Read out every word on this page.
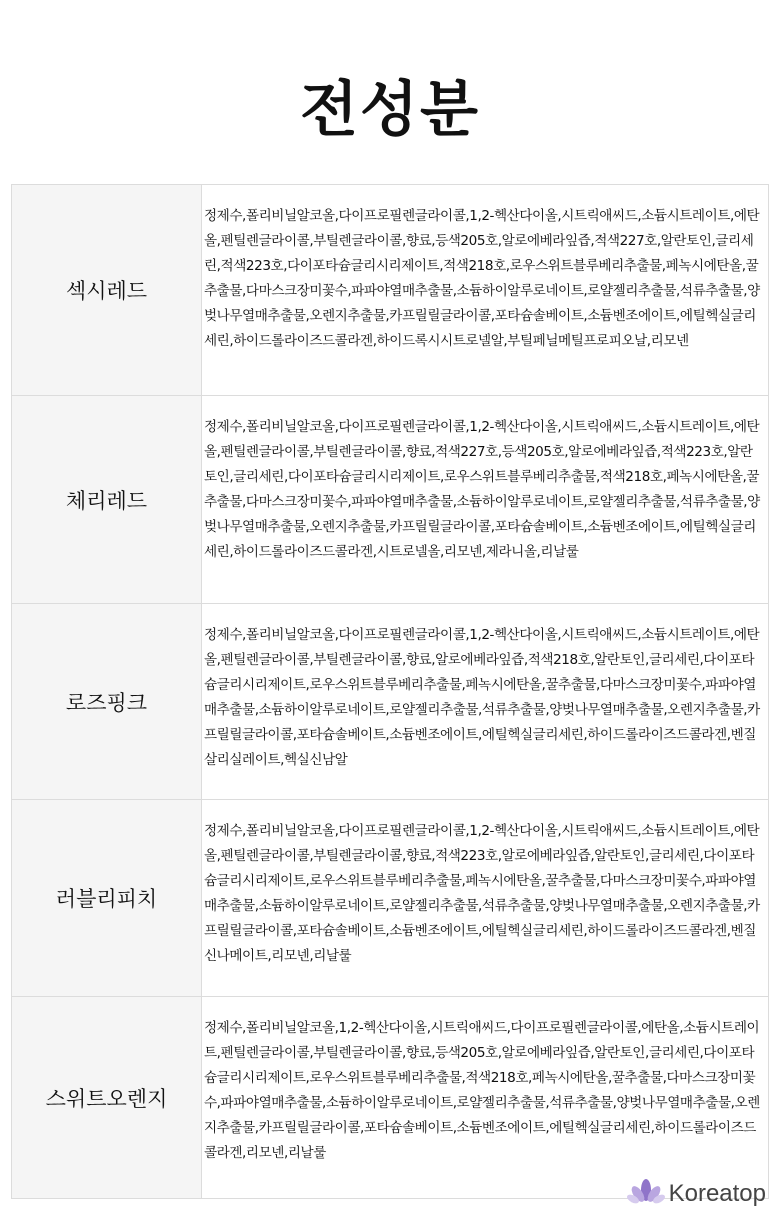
전성분
섹시레드
정제수,폴리비닐알코올,다이프로필렌글라이콜,1,2-헥산다이올,시트릭애씨드,소듐시트레이트,에탄올,펜틸렌글라이콜,부틸렌글라이콜,향료,등색205호,알로에베라잎즙,적색227호,알란토인,글리세린,적색223호,다이포타슘글리시리제이트,적색218호,로우스위트블루베리추출물,페녹시에탄올,꿀추출물,다마스크장미꽃수,파파야열매추출물,소듐하이알루로네이트,로얄젤리추출물,석류추출물,양벚나무열매추출물,오렌지추출물,카프릴릴글라이콜,포타슘솔베이트,소듐벤조에이트,에틸헥실글리세린,하이드롤라이즈드콜라겐,하이드록시시트로넬알,부틸페닐메틸프로피오날,리모넨
체리레드
정제수,폴리비닐알코올,다이프로필렌글라이콜,1,2-헥산다이올,시트릭애씨드,소듐시트레이트,에탄올,펜틸렌글라이콜,부틸렌글라이콜,향료,적색227호,등색205호,알로에베라잎즙,적색223호,알란토인,글리세린,다이포타슘글리시리제이트,로우스위트블루베리추출물,적색218호,페녹시에탄올,꿀추출물,다마스크장미꽃수,파파야열매추출물,소듐하이알루로네이트,로얄젤리추출물,석류추출물,양벚나무열매추출물,오렌지추출물,카프릴릴글라이콜,포타슘솔베이트,소듐벤조에이트,에틸헥실글리세린,하이드롤라이즈드콜라겐,시트로넬올,리모넨,제라니올,리날룰
로즈핑크
정제수,폴리비닐알코올,다이프로필렌글라이콜,1,2-헥산다이올,시트릭애씨드,소듐시트레이트,에탄올,펜틸렌글라이콜,부틸렌글라이콜,향료,알로에베라잎즙,적색218호,알란토인,글리세린,다이포타슘글리시리제이트,로우스위트블루베리추출물,페녹시에탄올,꿀추출물,다마스크장미꽃수,파파야열매추출물,소듐하이알루로네이트,로얄젤리추출물,석류추출물,양벚나무열매추출물,오렌지추출물,카프릴릴글라이콜,포타슘솔베이트,소듐벤조에이트,에틸헥실글리세린,하이드롤라이즈드콜라겐,벤질살리실레이트,헥실신남알
러블리피치
정제수,폴리비닐알코올,다이프로필렌글라이콜,1,2-헥산다이올,시트릭애씨드,소듐시트레이트,에탄올,펜틸렌글라이콜,부틸렌글라이콜,향료,적색223호,알로에베라잎즙,알란토인,글리세린,다이포타슘글리시리제이트,로우스위트블루베리추출물,페녹시에탄올,꿀추출물,다마스크장미꽃수,파파야열매추출물,소듐하이알루로네이트,로얄젤리추출물,석류추출물,양벚나무열매추출물,오렌지추출물,카프릴릴글라이콜,포타슘솔베이트,소듐벤조에이트,에틸헥실글리세린,하이드롤라이즈드콜라겐,벤질신나메이트,리모넨,리날룰
스위트오렌지
정제수,폴리비닐알코올,1,2-헥산다이올,시트릭애씨드,다이프로필렌글라이콜,에탄올,소듐시트레이트,펜틸렌글라이콜,부틸렌글라이콜,향료,등색205호,알로에베라잎즙,알란토인,글리세린,다이포타슘글리시리제이트,로우스위트블루베리추출물,적색218호,페녹시에탄올,꿀추출물,다마스크장미꽃수,파파야열매추출물,소듐하이알루로네이트,로얄젤리추출물,석류추출물,양벚나무열매추출물,오렌지추출물,카프릴릴글라이콜,포타슘솔베이트,소듐벤조에이트,에틸헥실글리세린,하이드롤라이즈드콜라겐,리모넨,리날룰
Koreatop
